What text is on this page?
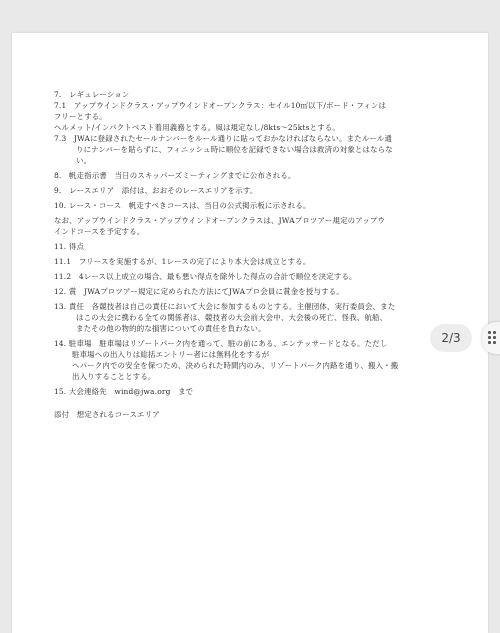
7.　レギュレーション
7.1　アップウインドクラス・アップウインドオープンクラス：セイル10㎡以下/ボード・フィンは
フリーとする。
ヘルメット/インパクトベスト着用義務とする。風は規定なし/8kts〜25ktsとする。
7.3　JWAに登録されたセールナンバーをルール通りに貼っておかなければならない。またルール通
りにナンバーを貼らずに、フィニッシュ時に順位を記録できない場合は救済の対象とはならな
い。
8.　帆走指示書　当日のスキッパーズミーティングまでに公布される。
9.　レースエリア　添付は、おおそのレースエリアを示す。
10. レース・コース　帆走すべきコースは、当日の公式掲示板に示される。
なお、アップウインドクラス・アップウインドオープンクラスは、JWAプロツアー規定のアップウ
インドコースを予定する。
11. 得点
11.1　フリースを実施するが、1レースの完了により本大会は成立とする。
11.2　4レース以上成立の場合、最も悪い得点を除外した得点の合計で順位を決定する。
12. 賞　JWAプロツアー規定に定められた方法にてJWAプロ会員に賞金を授与する。
13. 責任　各競技者は自己の責任において大会に参加するものとする。主催団体、実行委員会、また
はこの大会に携わる全ての関係者は、競技者の大会前大会中、大会後の死亡、怪我、航船、
またその他の物的的な損害についての責任を負わない。
14. 駐車場　駐車場はリゾートパーク内を通って、駐の前にある、エンテッサードとなる。ただし
駐車場への出入りは総括エントリー者には無料化をするが
ヘパーク内での安全を保つため、決められた時間内のみ、リゾートパーク内路を通り、搬入・搬
出入りすることとする。
15. 大会連絡先　wind@jwa.org　まで
添付　想定されるコースエリア
2/3
